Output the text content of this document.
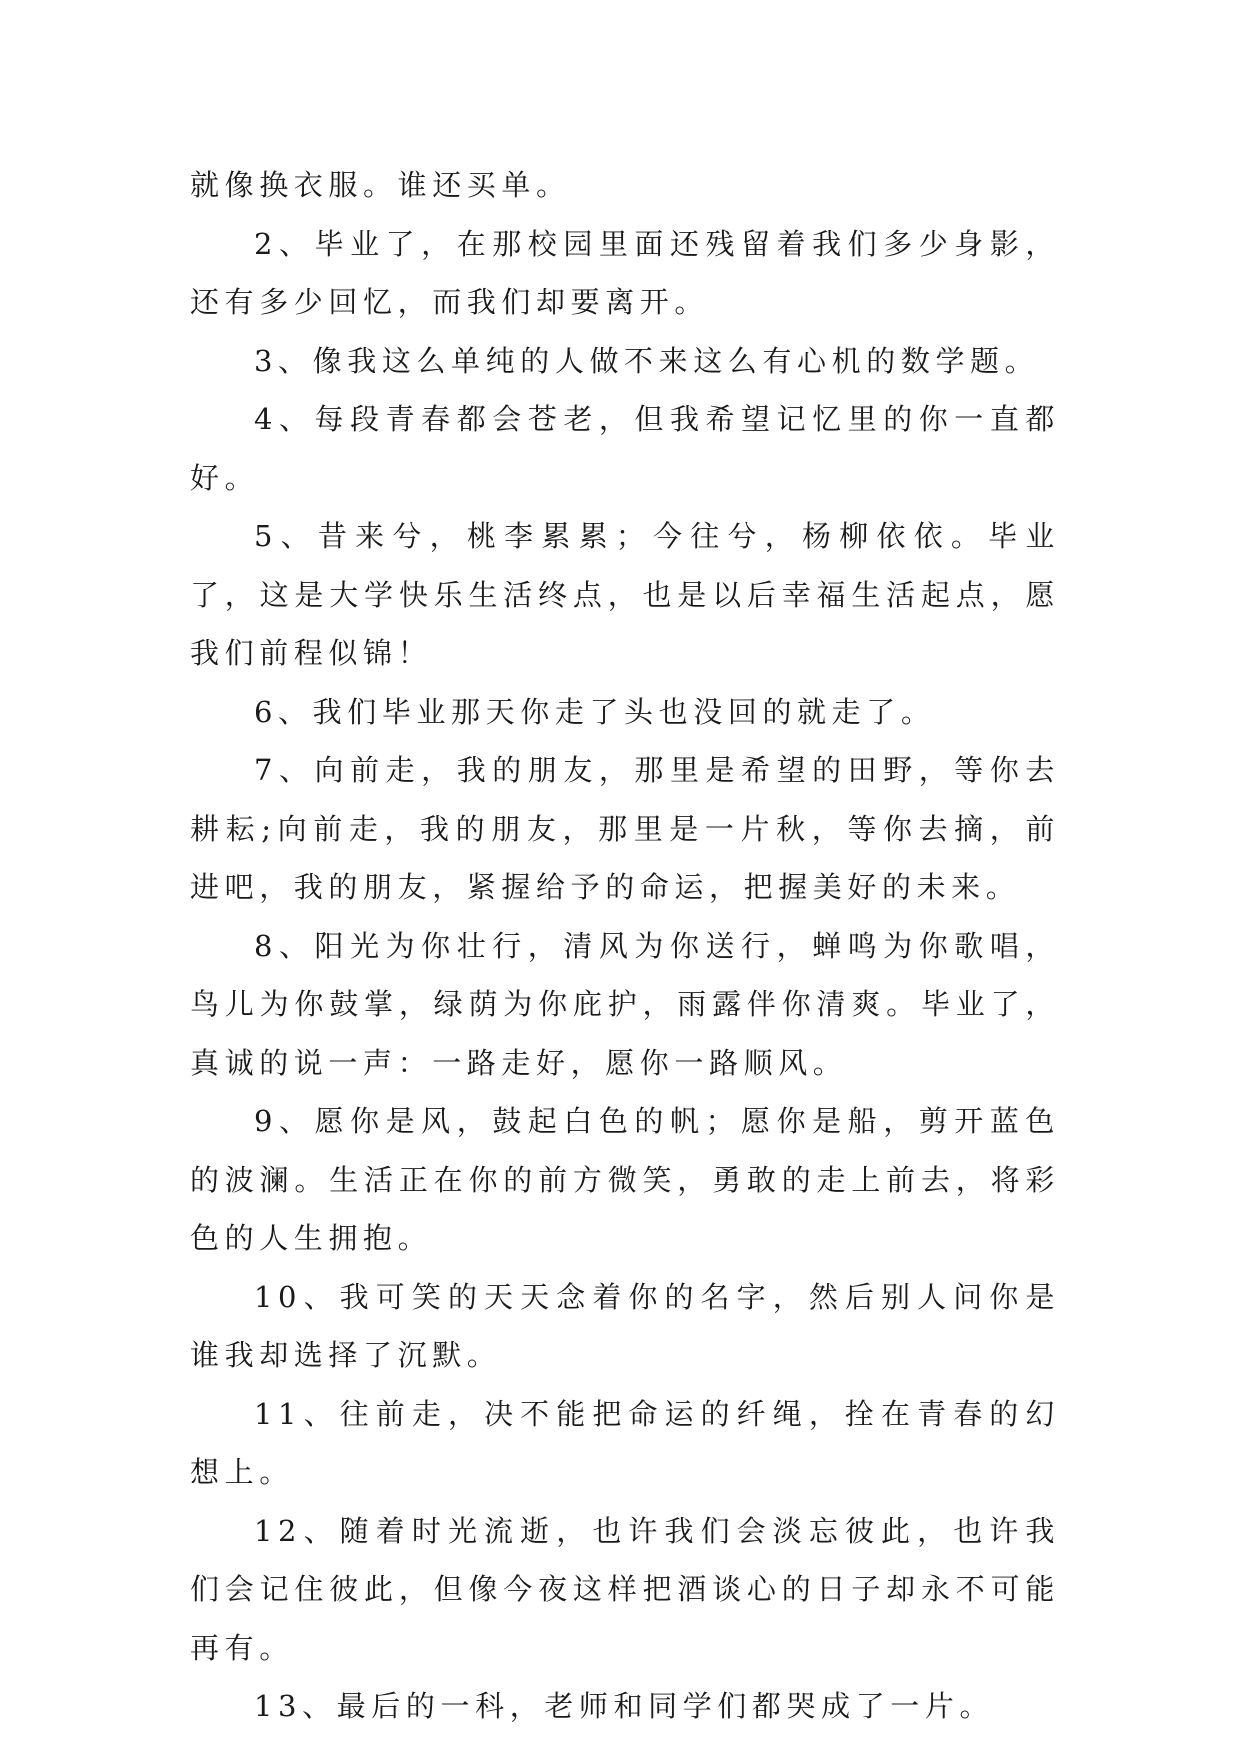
就像换衣服。谁还买单。

2、毕业了，在那校园里面还残留着我们多少身影，还有多少回忆，而我们却要离开。

3、像我这么单纯的人做不来这么有心机的数学题。

4、每段青春都会苍老，但我希望记忆里的你一直都好。

5、昔来兮，桃李累累；今往兮，杨柳依依。毕业了，这是大学快乐生活终点，也是以后幸福生活起点，愿我们前程似锦！

6、我们毕业那天你走了头也没回的就走了。

7、向前走，我的朋友，那里是希望的田野，等你去耕耘;向前走，我的朋友，那里是一片秋，等你去摘，前进吧，我的朋友，紧握给予的命运，把握美好的未来。

8、阳光为你壮行，清风为你送行，蝉鸣为你歌唱，鸟儿为你鼓掌，绿荫为你庇护，雨露伴你清爽。毕业了，真诚的说一声：一路走好，愿你一路顺风。

9、愿你是风，鼓起白色的帆；愿你是船，剪开蓝色的波澜。生活正在你的前方微笑，勇敢的走上前去，将彩色的人生拥抱。

10、我可笑的天天念着你的名字，然后别人问你是谁我却选择了沉默。

11、往前走，决不能把命运的纤绳，拴在青春的幻想上。

12、随着时光流逝，也许我们会淡忘彼此，也许我们会记住彼此，但像今夜这样把酒谈心的日子却永不可能再有。

13、最后的一科，老师和同学们都哭成了一片。
